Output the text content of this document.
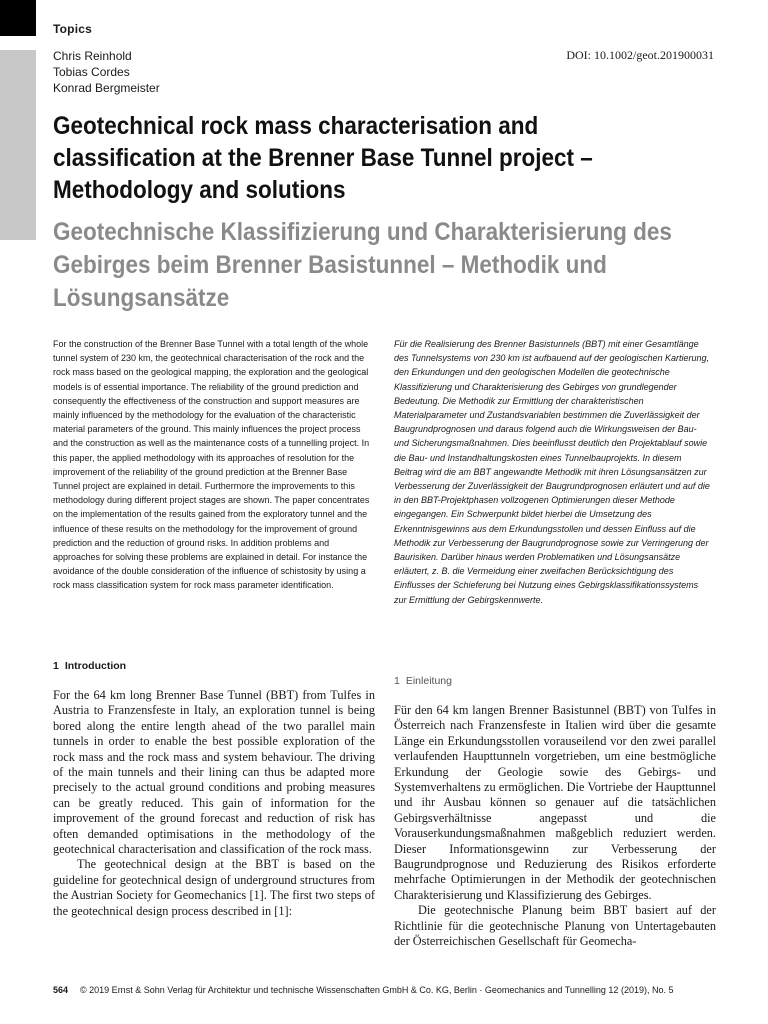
Topics
Chris Reinhold
Tobias Cordes
Konrad Bergmeister
DOI: 10.1002/geot.201900031
Geotechnical rock mass characterisation and classification at the Brenner Base Tunnel project – Methodology and solutions
Geotechnische Klassifizierung und Charakterisierung des Gebirges beim Brenner Basistunnel – Methodik und Lösungsansätze
For the construction of the Brenner Base Tunnel with a total length of the whole tunnel system of 230 km, the geotechnical characterisation of the rock and the rock mass based on the geological mapping, the exploration and the geological models is of essential importance. The reliability of the ground prediction and consequently the effectiveness of the construction and support measures are mainly influenced by the methodology for the evaluation of the characteristic material parameters of the ground. This mainly influences the project process and the construction as well as the maintenance costs of a tunnelling project. In this paper, the applied methodology with its approaches of resolution for the improvement of the reliability of the ground prediction at the Brenner Base Tunnel project are explained in detail. Furthermore the improvements to this methodology during different project stages are shown. The paper concentrates on the implementation of the results gained from the exploratory tunnel and the influence of these results on the methodology for the improvement of ground prediction and the reduction of ground risks. In addition problems and approaches for solving these problems are explained in detail. For instance the avoidance of the double consideration of the influence of schistosity by using a rock mass classification system for rock mass parameter identification.
Für die Realisierung des Brenner Basistunnels (BBT) mit einer Gesamtlänge des Tunnelsystems von 230 km ist aufbauend auf der geologischen Kartierung, den Erkundungen und den geologischen Modellen die geotechnische Klassifizierung und Charakterisierung des Gebirges von grundlegender Bedeutung. Die Methodik zur Ermittlung der charakteristischen Materialparameter und Zustandsvariablen bestimmen die Zuverlässigkeit der Baugrundprognosen und daraus folgend auch die Wirkungsweisen der Bau- und Sicherungsmaßnahmen. Dies beeinflusst deutlich den Projektablauf sowie die Bau- und Instandhaltungskosten eines Tunnelbauprojekts. In diesem Beitrag wird die am BBT angewandte Methodik mit ihren Lösungsansätzen zur Verbesserung der Zuverlässigkeit der Baugrundprognosen erläutert und auf die in den BBT-Projektphasen vollzogenen Optimierungen dieser Methode eingegangen. Ein Schwerpunkt bildet hierbei die Umsetzung des Erkenntnisgewinns aus dem Erkundungsstollen und dessen Einfluss auf die Methodik zur Verbesserung der Baugrundprognose sowie zur Verringerung der Baurisiken. Darüber hinaus werden Problematiken und Lösungsansätze erläutert, z. B. die Vermeidung einer zweifachen Berücksichtigung des Einflusses der Schieferung bei Nutzung eines Gebirgsklassifikationssystems zur Ermittlung der Gebirgskennwerte.
1 Introduction
1 Einleitung

For the 64 km long Brenner Base Tunnel (BBT) from Tulfes in Austria to Franzensfeste in Italy, an exploration tunnel is being bored along the entire length ahead of the two parallel main tunnels in order to enable the best possible exploration of the rock mass and the rock mass and system behaviour. The driving of the main tunnels and their lining can thus be adapted more precisely to the actual ground conditions and probing measures can be greatly reduced. This gain of information for the improvement of the ground forecast and reduction of risk has often demanded optimisations in the methodology of the geotechnical characterisation and classification of the rock mass.

The geotechnical design at the BBT is based on the guideline for geotechnical design of underground structures from the Austrian Society for Geomechanics [1]. The first two steps of the geotechnical design process described in [1]:

Für den 64 km langen Brenner Basistunnel (BBT) von Tulfes in Österreich nach Franzensfeste in Italien wird über die gesamte Länge ein Erkundungsstollen vorauseilend vor den zwei parallel verlaufenden Haupttunneln vorgetrieben, um eine bestmögliche Erkundung der Geologie sowie des Gebirgs- und Systemverhaltens zu ermöglichen. Die Vortriebe der Haupttunnel und ihr Ausbau können so genauer auf die tatsächlichen Gebirgsverhältnisse angepasst und die Vorauserkundungsmaßnahmen maßgeblich reduziert werden. Dieser Informationsgewinn zur Verbesserung der Baugrundprognose und Reduzierung des Risikos erforderte mehrfache Optimierungen in der Methodik der geotechnischen Charakterisierung und Klassifizierung des Gebirges.

Die geotechnische Planung beim BBT basiert auf der Richtlinie für die geotechnische Planung von Untertagebauten der Österreichischen Gesellschaft für Geomecha-

564 © 2019 Ernst & Sohn Verlag für Architektur und technische Wissenschaften GmbH & Co. KG, Berlin · Geomechanics and Tunnelling 12 (2019), No. 5
